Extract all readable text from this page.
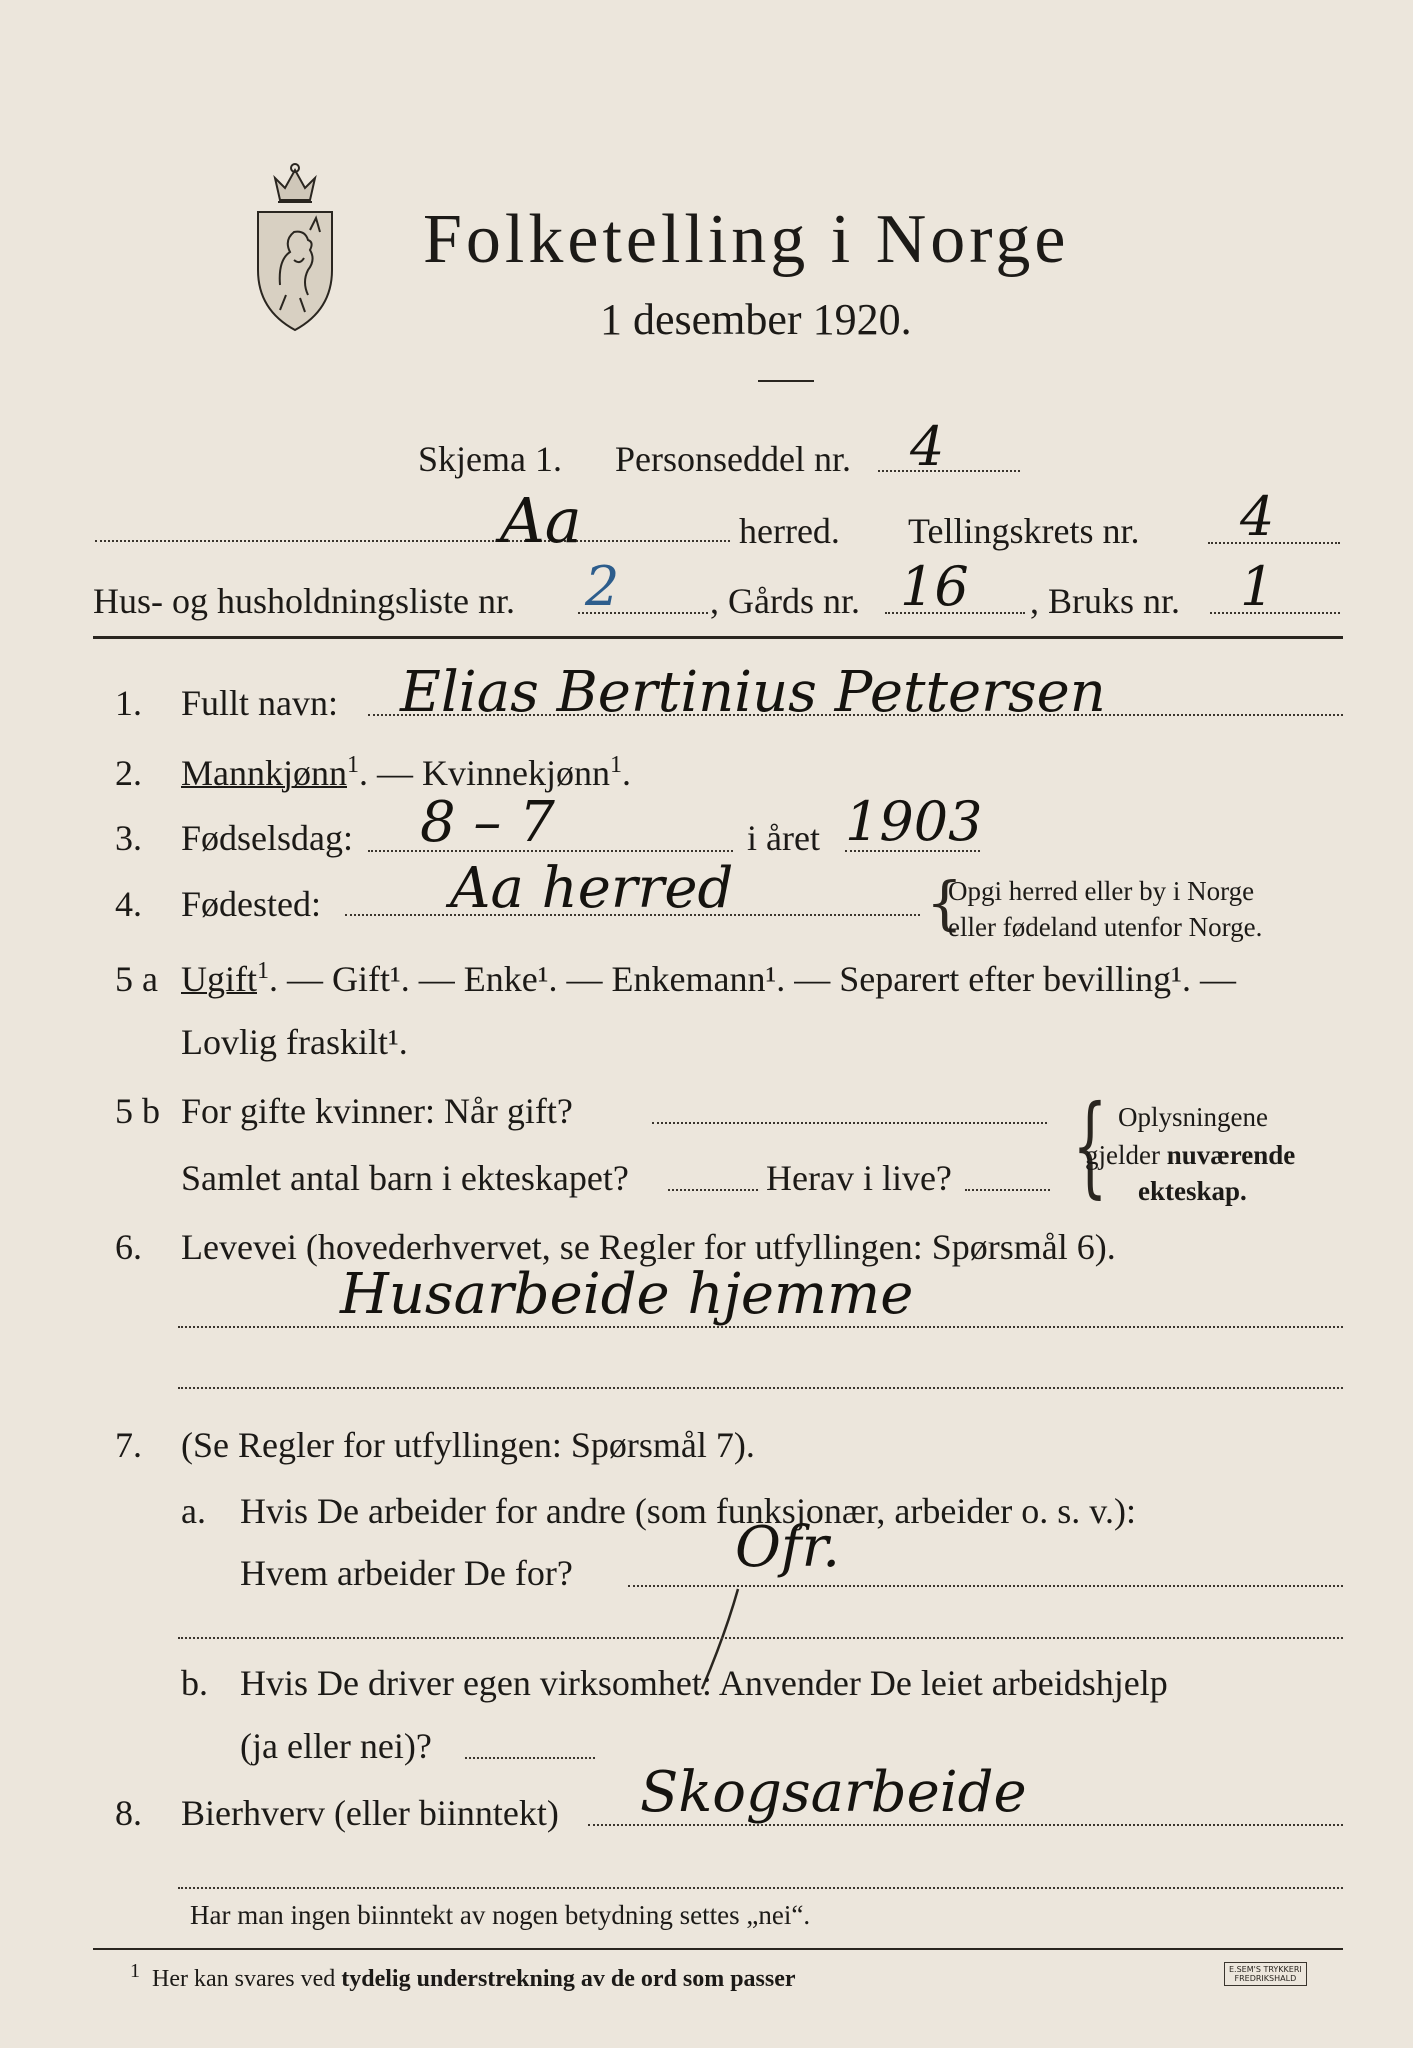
Folketelling i Norge
1 desember 1920.
Skjema 1. Personseddel nr. 4
Aa	herred. Tellingskrets nr. 4
Hus- og husholdningsliste nr. 2	, Gårds nr. 16 , Bruks nr. 1
1. Fullt navn: Elias Bertinius Pettersen
2. Mannkjønn$^1$. — Kvinnekjønn$^1$.
3. Fødselsdag: 8 – 7	i året 1903
4. Fødested: Aa herred	{
Opgi herred eller by i Norge
eller fødeland utenfor Norge.
5 a Ugift$^1$. — Gift¹. — Enke¹. — Enkemann¹. — Separert efter bevilling¹. —
Lovlig fraskilt¹.
5 b For gifte kvinner: Når gift?
Samlet antal barn i ekteskapet?	Herav i live? { Oplysningene
gjelder nuværende
ekteskap.
6. Levevei (hovederhvervet, se Regler for utfyllingen: Spørsmål 6).
Husarbeide hjemme
7. (Se Regler for utfyllingen: Spørsmål 7).
a. Hvis De arbeider for andre (som funksjonær, arbeider o. s. v.):
Hvem arbeider De for?	Ofr.
b. Hvis De driver egen virksomhet: Anvender De leiet arbeidshjelp
(ja eller nei)?
8. Bierhverv (eller biinntekt) Skogsarbeide
Har man ingen biinntekt av nogen betydning settes „nei“.
$^1$ Her kan svares ved tydelig understrekning av de ord som passer	E.SEM'S TRYKKERI
FREDRIKSHALD
